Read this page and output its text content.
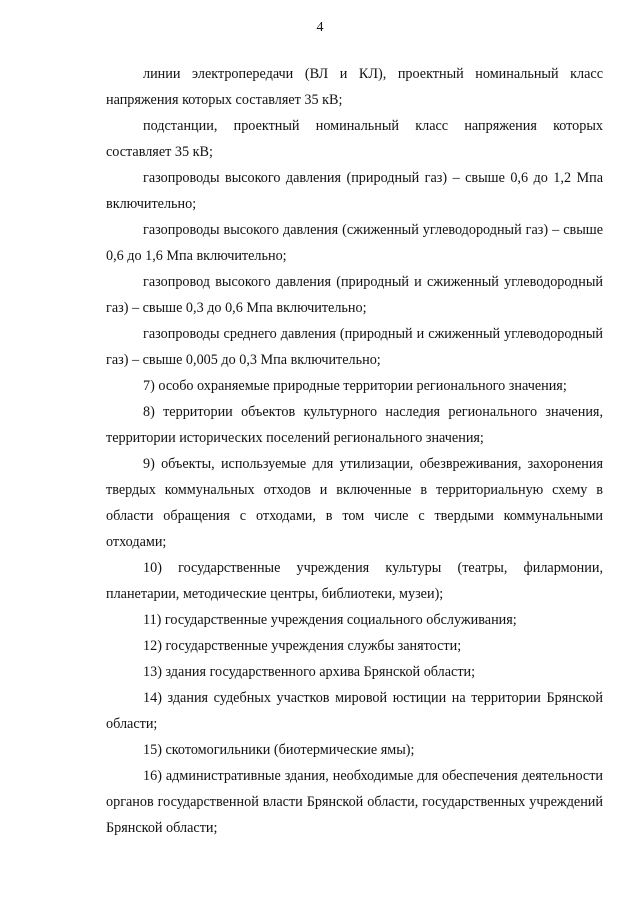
4

линии электропередачи (ВЛ и КЛ), проектный номинальный класс напряжения которых составляет 35 кВ;

подстанции, проектный номинальный класс напряжения которых составляет 35 кВ;

газопроводы высокого давления (природный газ) – свыше 0,6 до 1,2 Мпа включительно;

газопроводы высокого давления (сжиженный углеводородный газ) – свыше 0,6 до 1,6 Мпа включительно;

газопровод высокого давления (природный и сжиженный углеводородный газ) – свыше 0,3 до 0,6 Мпа включительно;

газопроводы среднего давления (природный и сжиженный углеводородный газ) – свыше 0,005 до 0,3 Мпа включительно;

7) особо охраняемые природные территории регионального значения;

8) территории объектов культурного наследия регионального значения, территории исторических поселений регионального значения;

9) объекты, используемые для утилизации, обезвреживания, захоронения твердых коммунальных отходов и включенные в территориальную схему в области обращения с отходами, в том числе с твердыми коммунальными отходами;

10) государственные учреждения культуры (театры, филармонии, планетарии, методические центры, библиотеки, музеи);

11) государственные учреждения социального обслуживания;

12) государственные учреждения службы занятости;

13) здания государственного архива Брянской области;

14) здания судебных участков мировой юстиции на территории Брянской области;

15) скотомогильники (биотермические ямы);

16) административные здания, необходимые для обеспечения деятельности органов государственной власти Брянской области, государственных учреждений Брянской области;
